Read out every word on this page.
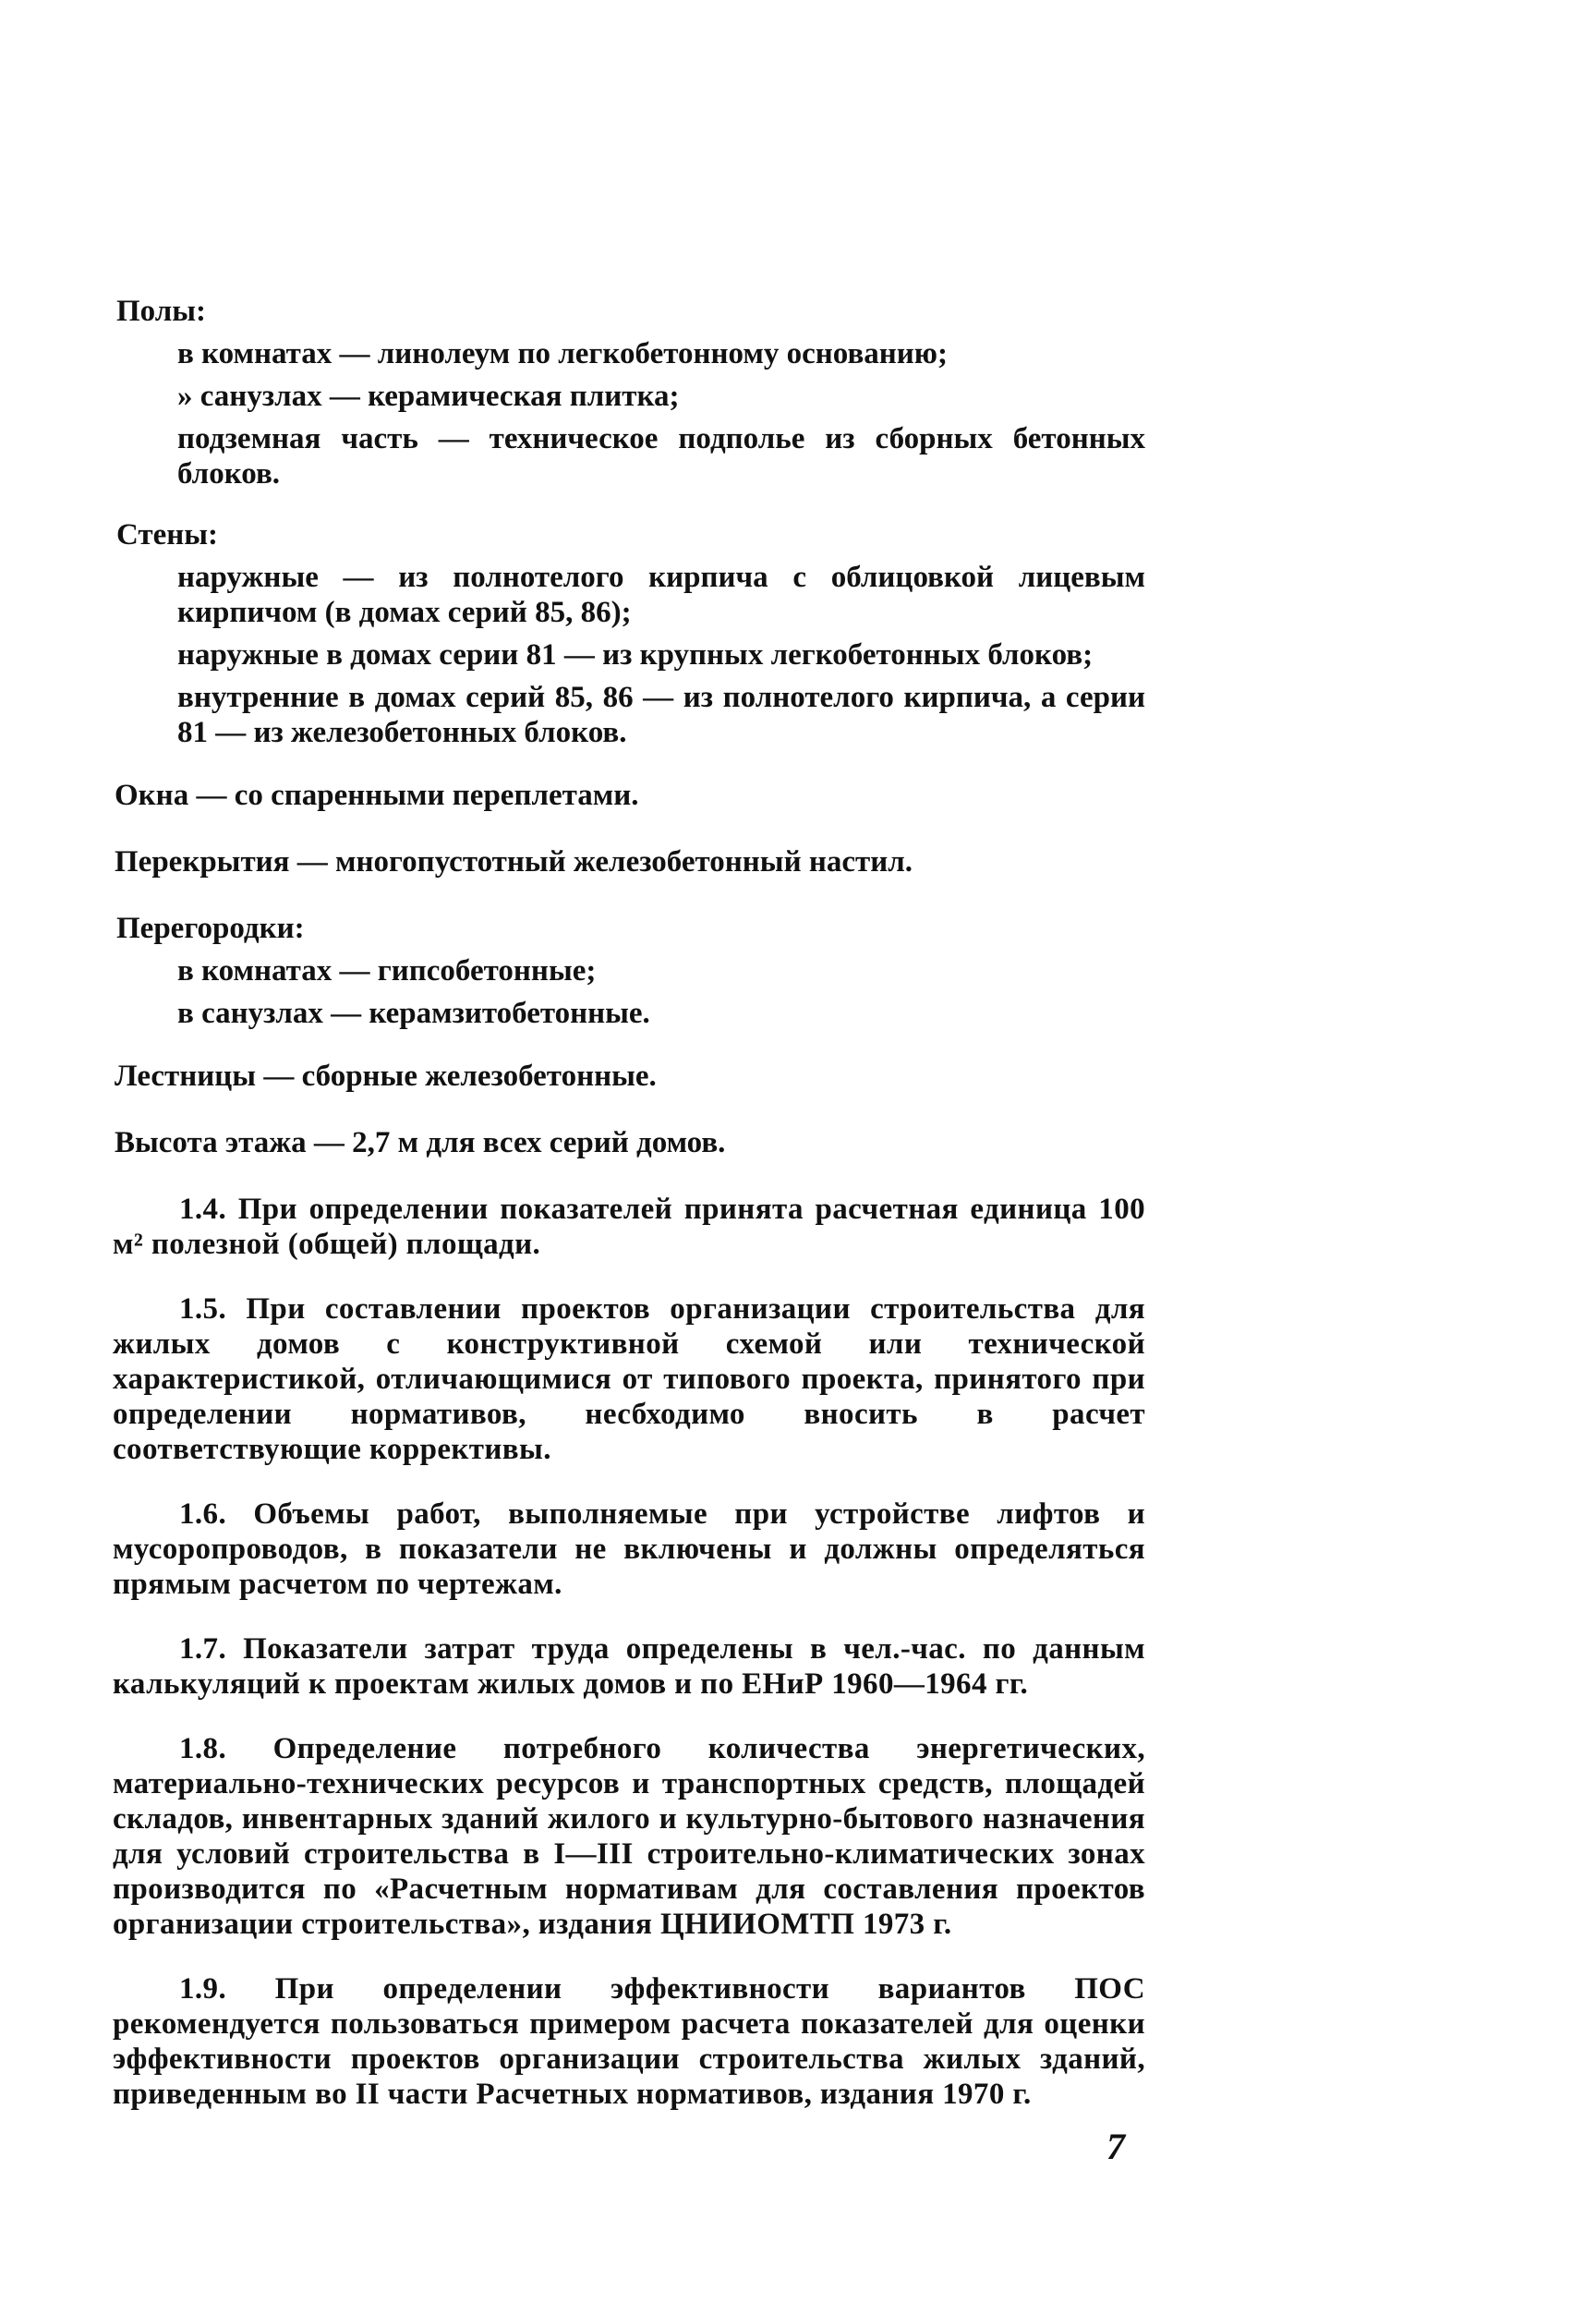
Полы:
в комнатах — линолеум по легкобетонному основанию;
» санузлах — керамическая плитка;
подземная часть — техническое подполье из сборных бетонных блоков.
Стены:
наружные — из полнотелого кирпича с облицовкой лицевым кирпичом (в домах серий 85, 86);
наружные в домах серии 81 — из крупных легкобетонных блоков;
внутренние в домах серий 85, 86 — из полнотелого кирпича, а серии 81 — из железобетонных блоков.
Окна — со спаренными переплетами.
Перекрытия — многопустотный железобетонный настил.
Перегородки:
в комнатах — гипсобетонные;
в санузлах — керамзитобетонные.
Лестницы — сборные железобетонные.
Высота этажа — 2,7 м для всех серий домов.

1.4. При определении показателей принята расчетная единица 100 м² полезной (общей) площади.

1.5. При составлении проектов организации строительства для жилых домов с конструктивной схемой или технической характеристикой, отличающимися от типового проекта, принятого при определении нормативов, несбходимо вносить в расчет соответствующие коррективы.

1.6. Объемы работ, выполняемые при устройстве лифтов и мусоропроводов, в показатели не включены и должны определяться прямым расчетом по чертежам.

1.7. Показатели затрат труда определены в чел.-час. по данным калькуляций к проектам жилых домов и по ЕНиР 1960—1964 гг.

1.8. Определение потребного количества энергетических, материально-технических ресурсов и транспортных средств, площадей складов, инвентарных зданий жилого и культурно-бытового назначения для условий строительства в I—III строительно-климатических зонах производится по «Расчетным нормативам для составления проектов организации строительства», издания ЦНИИОМТП 1973 г.

1.9. При определении эффективности вариантов ПОС рекомендуется пользоваться примером расчета показателей для оценки эффективности проектов организации строительства жилых зданий, приведенным во II части Расчетных нормативов, издания 1970 г.

7
